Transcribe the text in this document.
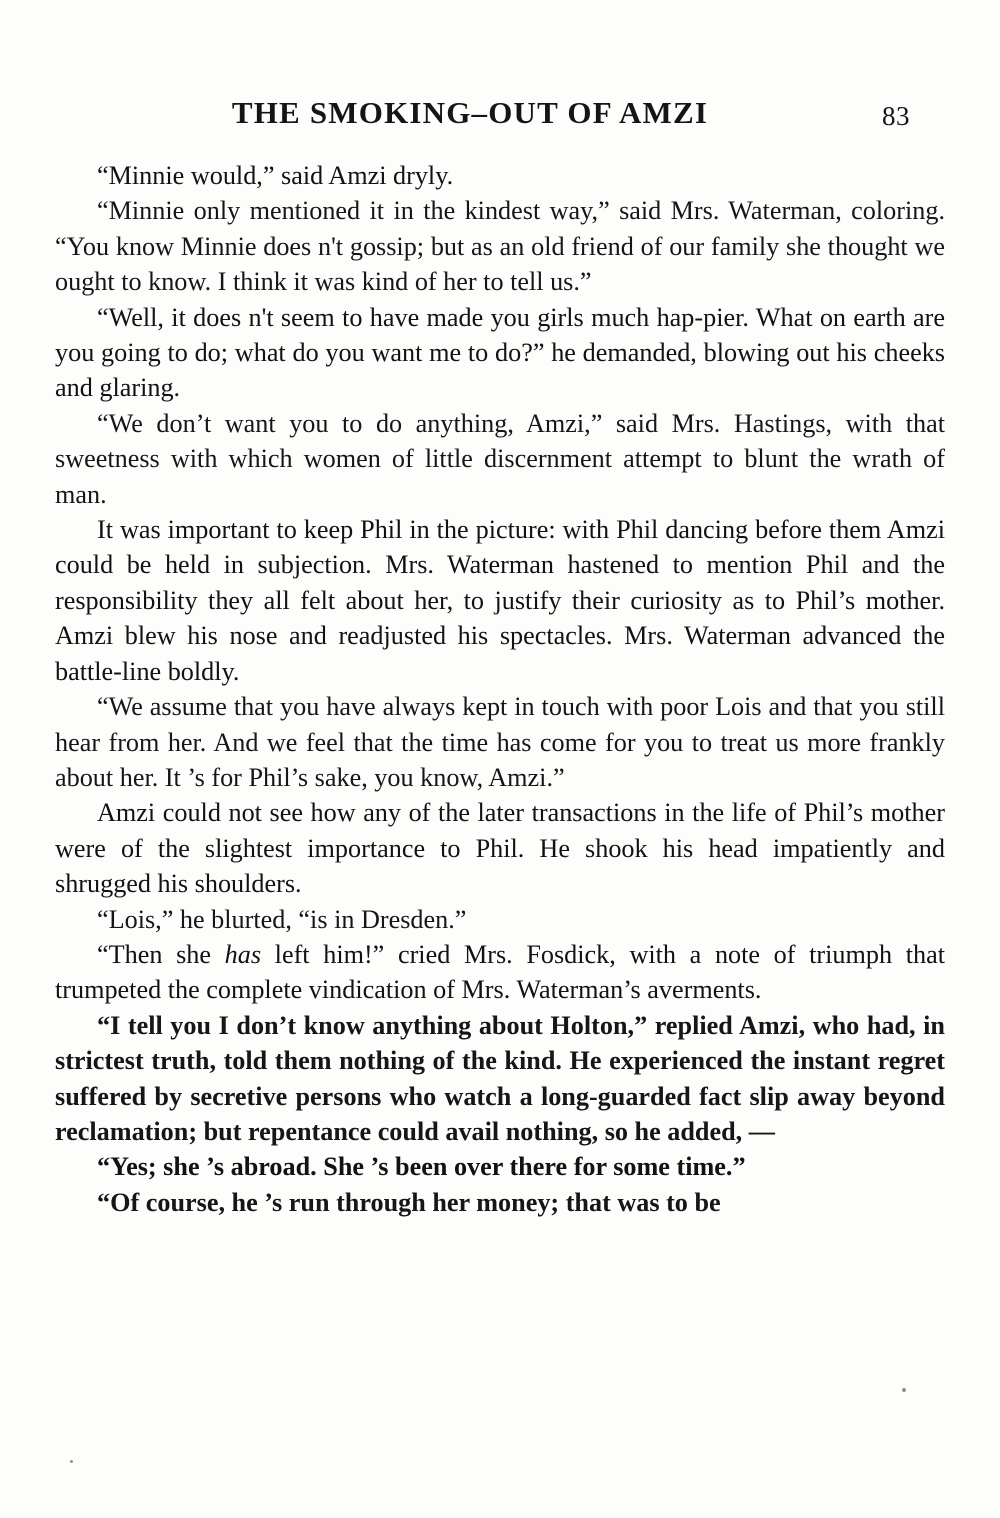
THE SMOKING–OUT OF AMZI	83

“Minnie would,” said Amzi dryly.

“Minnie only mentioned it in the kindest way,” said Mrs. Waterman, coloring. “You know Minnie does n't gossip; but as an old friend of our family she thought we ought to know. I think it was kind of her to tell us.”

“Well, it does n't seem to have made you girls much hap-pier. What on earth are you going to do; what do you want me to do?” he demanded, blowing out his cheeks and glaring.

“We don’t want you to do anything, Amzi,” said Mrs. Hastings, with that sweetness with which women of little discernment attempt to blunt the wrath of man.

It was important to keep Phil in the picture: with Phil dancing before them Amzi could be held in subjection. Mrs. Waterman hastened to mention Phil and the responsibility they all felt about her, to justify their curiosity as to Phil’s mother. Amzi blew his nose and readjusted his spectacles. Mrs. Waterman advanced the battle-line boldly.

“We assume that you have always kept in touch with poor Lois and that you still hear from her. And we feel that the time has come for you to treat us more frankly about her. It ’s for Phil’s sake, you know, Amzi.”

Amzi could not see how any of the later transactions in the life of Phil’s mother were of the slightest importance to Phil. He shook his head impatiently and shrugged his shoulders.

“Lois,” he blurted, “is in Dresden.”

“Then she has left him!” cried Mrs. Fosdick, with a note of triumph that trumpeted the complete vindication of Mrs. Waterman’s averments.

“I tell you I don’t know anything about Holton,” replied Amzi, who had, in strictest truth, told them nothing of the kind. He experienced the instant regret suffered by secretive persons who watch a long-guarded fact slip away beyond reclamation; but repentance could avail nothing, so he added, —

“Yes; she ’s abroad. She ’s been over there for some time.”

“Of course, he ’s run through her money; that was to be
